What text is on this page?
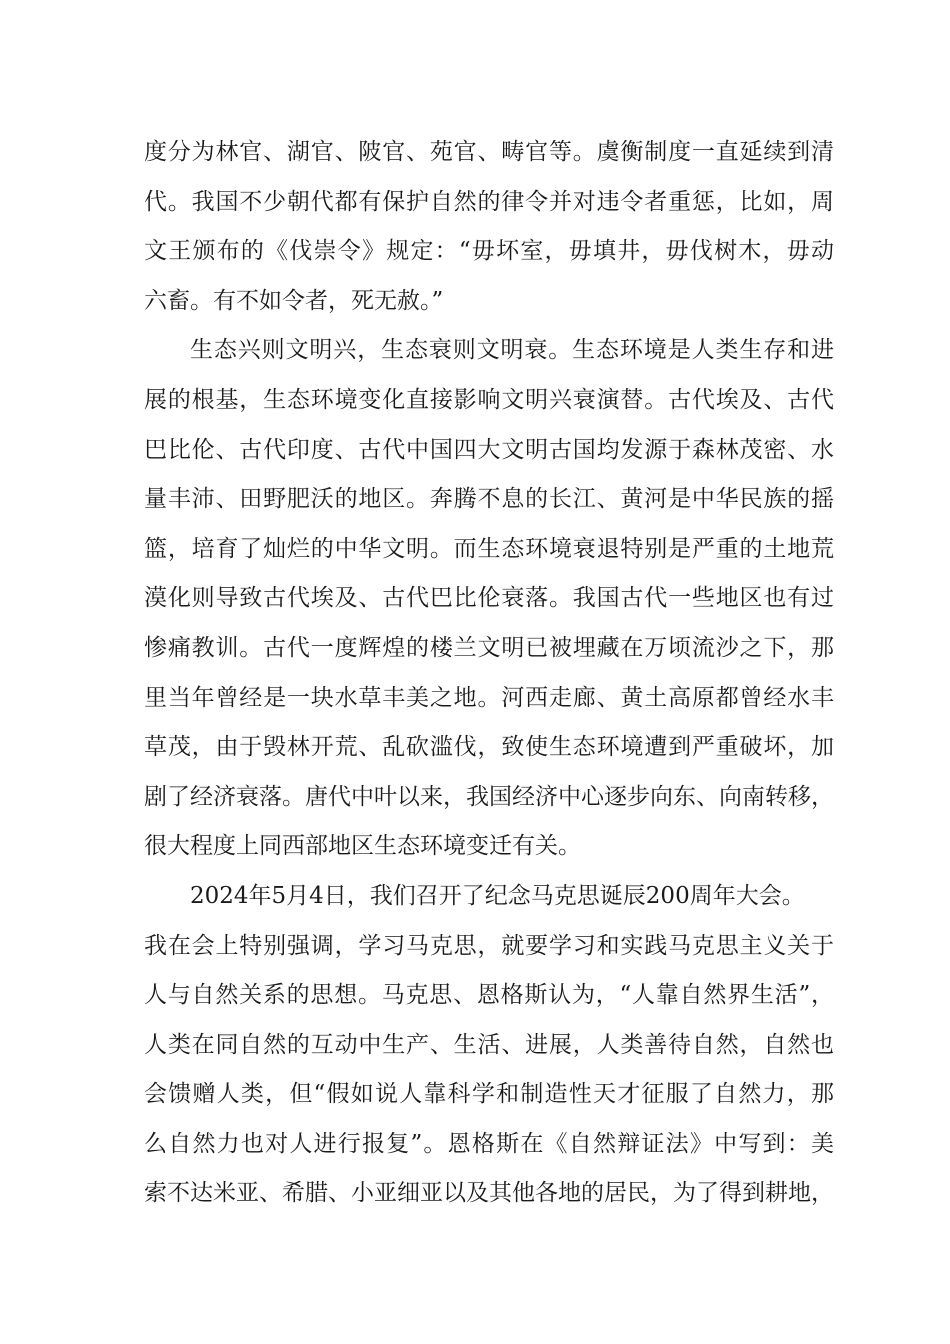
度分为林官、湖官、陂官、苑官、畴官等。虞衡制度一直延续到清
代。我国不少朝代都有保护自然的律令并对违令者重惩，比如，周
文王颁布的《伐崇令》规定：“毋坏室，毋填井，毋伐树木，毋动
六畜。有不如令者，死无赦。”
生态兴则文明兴，生态衰则文明衰。生态环境是人类生存和进
展的根基，生态环境变化直接影响文明兴衰演替。古代埃及、古代
巴比伦、古代印度、古代中国四大文明古国均发源于森林茂密、水
量丰沛、田野肥沃的地区。奔腾不息的长江、黄河是中华民族的摇
篮，培育了灿烂的中华文明。而生态环境衰退特别是严重的土地荒
漠化则导致古代埃及、古代巴比伦衰落。我国古代一些地区也有过
惨痛教训。古代一度辉煌的楼兰文明已被埋藏在万顷流沙之下，那
里当年曾经是一块水草丰美之地。河西走廊、黄土高原都曾经水丰
草茂，由于毁林开荒、乱砍滥伐，致使生态环境遭到严重破坏，加
剧了经济衰落。唐代中叶以来，我国经济中心逐步向东、向南转移，
很大程度上同西部地区生态环境变迁有关。
2024年5月4日，我们召开了纪念马克思诞辰200周年大会。
我在会上特别强调，学习马克思，就要学习和实践马克思主义关于
人与自然关系的思想。马克思、恩格斯认为，“人靠自然界生活”，
人类在同自然的互动中生产、生活、进展，人类善待自然，自然也
会馈赠人类，但“假如说人靠科学和制造性天才征服了自然力，那
么自然力也对人进行报复”。恩格斯在《自然辩证法》中写到：美
索不达米亚、希腊、小亚细亚以及其他各地的居民，为了得到耕地，
